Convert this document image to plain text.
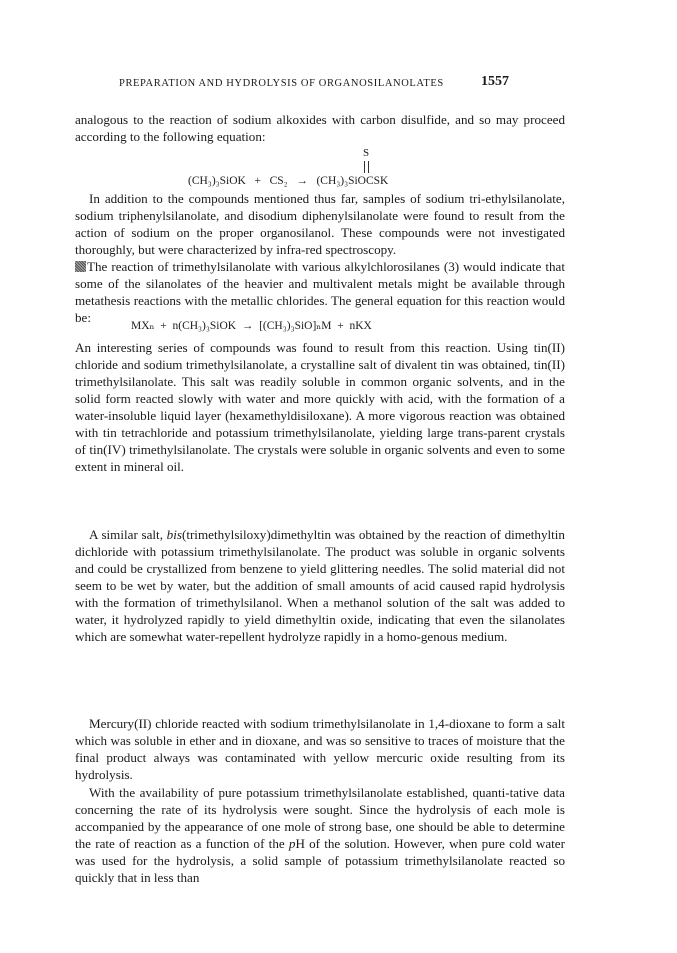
PREPARATION AND HYDROLYSIS OF ORGANOSILANOLATES	1557

analogous to the reaction of sodium alkoxides with carbon disulfide, and so may proceed according to the following equation:

S
(CH₃)₃SiOK + CS₂ → (CH₃)₃SiOCSK

In addition to the compounds mentioned thus far, samples of sodium tri-ethylsilanolate, sodium triphenylsilanolate, and disodium diphenylsilanolate were found to result from the action of sodium on the proper organosilanol. These compounds were not investigated thoroughly, but were characterized by infra-red spectroscopy.

The reaction of trimethylsilanolate with various alkylchlorosilanes (3) would indicate that some of the silanolates of the heavier and multivalent metals might be available through metathesis reactions with the metallic chlorides. The general equation for this reaction would be:

MXₙ  +  n(CH₃)₃SiOK  →  [(CH₃)₃SiO]ₙM  +  nKX

An interesting series of compounds was found to result from this reaction. Using tin(II) chloride and sodium trimethylsilanolate, a crystalline salt of divalent tin was obtained, tin(II) trimethylsilanolate. This salt was readily soluble in common organic solvents, and in the solid form reacted slowly with water and more quickly with acid, with the formation of a water-insoluble liquid layer (hexamethyldisiloxane). A more vigorous reaction was obtained with tin tetrachloride and potassium trimethylsilanolate, yielding large trans-parent crystals of tin(IV) trimethylsilanolate. The crystals were soluble in organic solvents and even to some extent in mineral oil.

A similar salt, bis(trimethylsiloxy)dimethyltin was obtained by the reaction of dimethyltin dichloride with potassium trimethylsilanolate. The product was soluble in organic solvents and could be crystallized from benzene to yield glittering needles. The solid material did not seem to be wet by water, but the addition of small amounts of acid caused rapid hydrolysis with the formation of trimethylsilanol. When a methanol solution of the salt was added to water, it hydrolyzed rapidly to yield dimethyltin oxide, indicating that even the silanolates which are somewhat water-repellent hydrolyze rapidly in a homo-genous medium.

Mercury(II) chloride reacted with sodium trimethylsilanolate in 1,4-dioxane to form a salt which was soluble in ether and in dioxane, and was so sensitive to traces of moisture that the final product always was contaminated with yellow mercuric oxide resulting from its hydrolysis.

With the availability of pure potassium trimethylsilanolate established, quanti-tative data concerning the rate of its hydrolysis were sought. Since the hydrolysis of each mole is accompanied by the appearance of one mole of strong base, one should be able to determine the rate of reaction as a function of the pH of the solution. However, when pure cold water was used for the hydrolysis, a solid sample of potassium trimethylsilanolate reacted so quickly that in less than
